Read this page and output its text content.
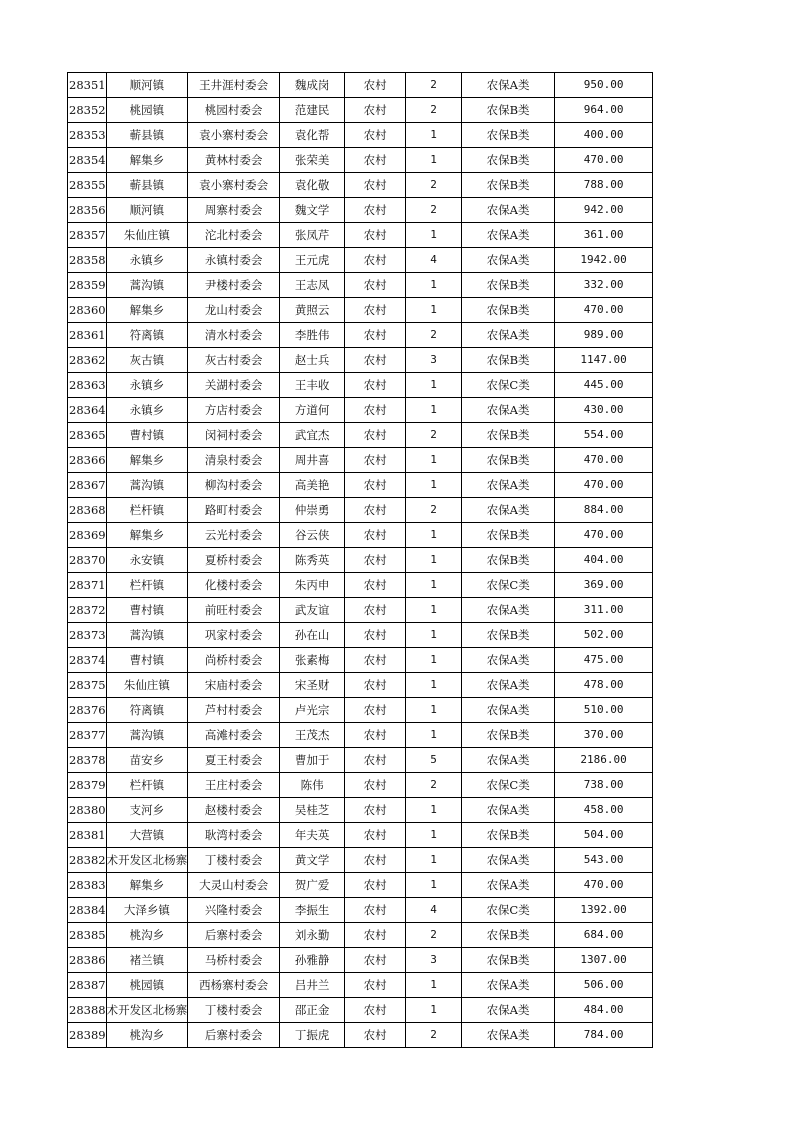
28351	顺河镇	王井涯村委会	魏成岗	农村	2	农保A类	950.00
28352	桃园镇	桃园村委会	范建民	农村	2	农保B类	964.00
28353	蕲县镇	袁小寨村委会	袁化帮	农村	1	农保B类	400.00
28354	解集乡	黄林村委会	张荣美	农村	1	农保B类	470.00
28355	蕲县镇	袁小寨村委会	袁化敬	农村	2	农保B类	788.00
28356	顺河镇	周寨村委会	魏文学	农村	2	农保A类	942.00
28357	朱仙庄镇	沱北村委会	张凤芹	农村	1	农保A类	361.00
28358	永镇乡	永镇村委会	王元虎	农村	4	农保A类	1942.00
28359	蒿沟镇	尹楼村委会	王志凤	农村	1	农保B类	332.00
28360	解集乡	龙山村委会	黄照云	农村	1	农保B类	470.00
28361	符离镇	清水村委会	李胜伟	农村	2	农保A类	989.00
28362	灰古镇	灰古村委会	赵士兵	农村	3	农保B类	1147.00
28363	永镇乡	关湖村委会	王丰收	农村	1	农保C类	445.00
28364	永镇乡	方店村委会	方道何	农村	1	农保A类	430.00
28365	曹村镇	闵祠村委会	武宜杰	农村	2	农保B类	554.00
28366	解集乡	清泉村委会	周井喜	农村	1	农保B类	470.00
28367	蒿沟镇	柳沟村委会	高美艳	农村	1	农保A类	470.00
28368	栏杆镇	路町村委会	仲崇勇	农村	2	农保A类	884.00
28369	解集乡	云光村委会	谷云侠	农村	1	农保B类	470.00
28370	永安镇	夏桥村委会	陈秀英	农村	1	农保B类	404.00
28371	栏杆镇	化楼村委会	朱丙申	农村	1	农保C类	369.00
28372	曹村镇	前旺村委会	武友谊	农村	1	农保A类	311.00
28373	蒿沟镇	巩家村委会	孙在山	农村	1	农保B类	502.00
28374	曹村镇	尚桥村委会	张素梅	农村	1	农保A类	475.00
28375	朱仙庄镇	宋庙村委会	宋圣财	农村	1	农保A类	478.00
28376	符离镇	芦村村委会	卢光宗	农村	1	农保A类	510.00
28377	蒿沟镇	高滩村委会	王茂杰	农村	1	农保B类	370.00
28378	苗安乡	夏王村委会	曹加于	农村	5	农保A类	2186.00
28379	栏杆镇	王庄村委会	陈伟	农村	2	农保C类	738.00
28380	支河乡	赵楼村委会	吴桂芝	农村	1	农保A类	458.00
28381	大营镇	耿湾村委会	年夫英	农村	1	农保B类	504.00
28382	术开发区北杨寨	丁楼村委会	黄文学	农村	1	农保A类	543.00
28383	解集乡	大灵山村委会	贺广爱	农村	1	农保A类	470.00
28384	大泽乡镇	兴隆村委会	李振生	农村	4	农保C类	1392.00
28385	桃沟乡	后寨村委会	刘永勤	农村	2	农保B类	684.00
28386	褚兰镇	马桥村委会	孙雅静	农村	3	农保B类	1307.00
28387	桃园镇	西杨寨村委会	吕井兰	农村	1	农保A类	506.00
28388	术开发区北杨寨	丁楼村委会	邵正金	农村	1	农保A类	484.00
28389	桃沟乡	后寨村委会	丁振虎	农村	2	农保A类	784.00
